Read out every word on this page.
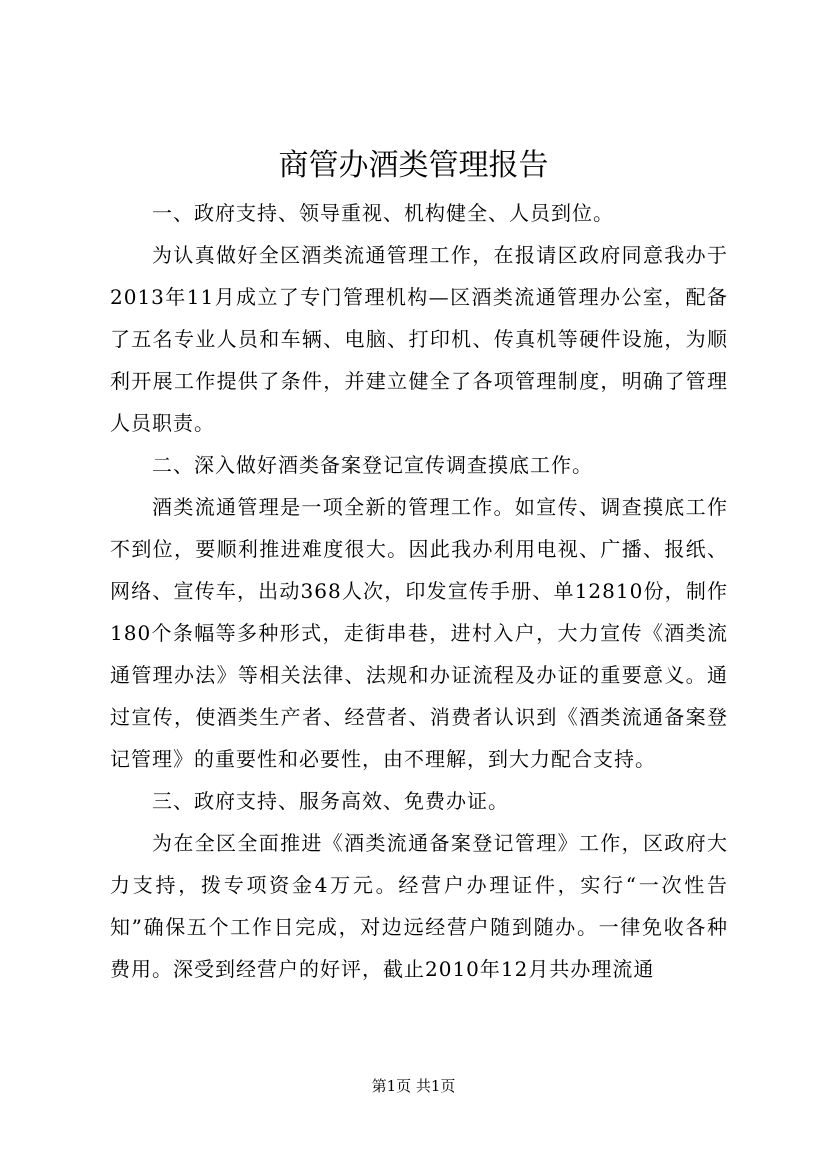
商管办酒类管理报告

一、政府支持、领导重视、机构健全、人员到位。

为认真做好全区酒类流通管理工作，在报请区政府同意我办于2013年11月成立了专门管理机构—区酒类流通管理办公室，配备了五名专业人员和车辆、电脑、打印机、传真机等硬件设施，为顺利开展工作提供了条件，并建立健全了各项管理制度，明确了管理人员职责。

二、深入做好酒类备案登记宣传调查摸底工作。

酒类流通管理是一项全新的管理工作。如宣传、调查摸底工作不到位，要顺利推进难度很大。因此我办利用电视、广播、报纸、网络、宣传车，出动368人次，印发宣传手册、单12810份，制作180个条幅等多种形式，走街串巷，进村入户，大力宣传《酒类流通管理办法》等相关法律、法规和办证流程及办证的重要意义。通过宣传，使酒类生产者、经营者、消费者认识到《酒类流通备案登记管理》的重要性和必要性，由不理解，到大力配合支持。

三、政府支持、服务高效、免费办证。

为在全区全面推进《酒类流通备案登记管理》工作，区政府大力支持，拨专项资金4万元。经营户办理证件，实行“一次性告知”确保五个工作日完成，对边远经营户随到随办。一律免收各种费用。深受到经营户的好评，截止2010年12月共办理流通

第1页 共1页
